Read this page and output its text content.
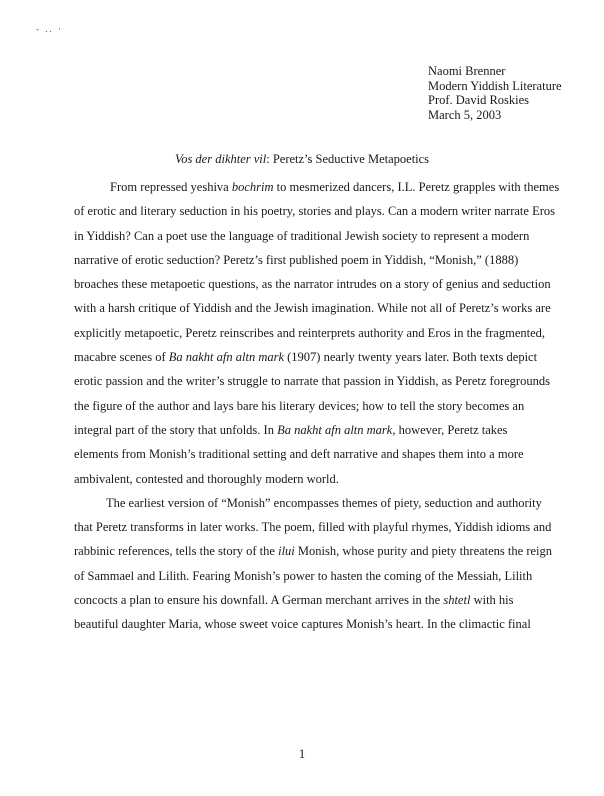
- .. ·
Naomi Brenner
Modern Yiddish Literature
Prof. David Roskies
March 5, 2003
Vos der dikhter vil: Peretz’s Seductive Metapoetics
From repressed yeshiva bochrim to mesmerized dancers, I.L. Peretz grapples with themes
of erotic and literary seduction in his poetry, stories and plays. Can a modern writer narrate Eros
in Yiddish? Can a poet use the language of traditional Jewish society to represent a modern
narrative of erotic seduction? Peretz’s first published poem in Yiddish, “Monish,” (1888)
broaches these metapoetic questions, as the narrator intrudes on a story of genius and seduction
with a harsh critique of Yiddish and the Jewish imagination. While not all of Peretz’s works are
explicitly metapoetic, Peretz reinscribes and reinterprets authority and Eros in the fragmented,
macabre scenes of Ba nakht afn altn mark (1907) nearly twenty years later. Both texts depict
erotic passion and the writer’s struggle to narrate that passion in Yiddish, as Peretz foregrounds
the figure of the author and lays bare his literary devices; how to tell the story becomes an
integral part of the story that unfolds. In Ba nakht afn altn mark, however, Peretz takes
elements from Monish’s traditional setting and deft narrative and shapes them into a more
ambivalent, contested and thoroughly modern world.
The earliest version of “Monish” encompasses themes of piety, seduction and authority
that Peretz transforms in later works. The poem, filled with playful rhymes, Yiddish idioms and
rabbinic references, tells the story of the ilui Monish, whose purity and piety threatens the reign
of Sammael and Lilith. Fearing Monish’s power to hasten the coming of the Messiah, Lilith
concocts a plan to ensure his downfall. A German merchant arrives in the shtetl with his
beautiful daughter Maria, whose sweet voice captures Monish’s heart. In the climactic final
1
